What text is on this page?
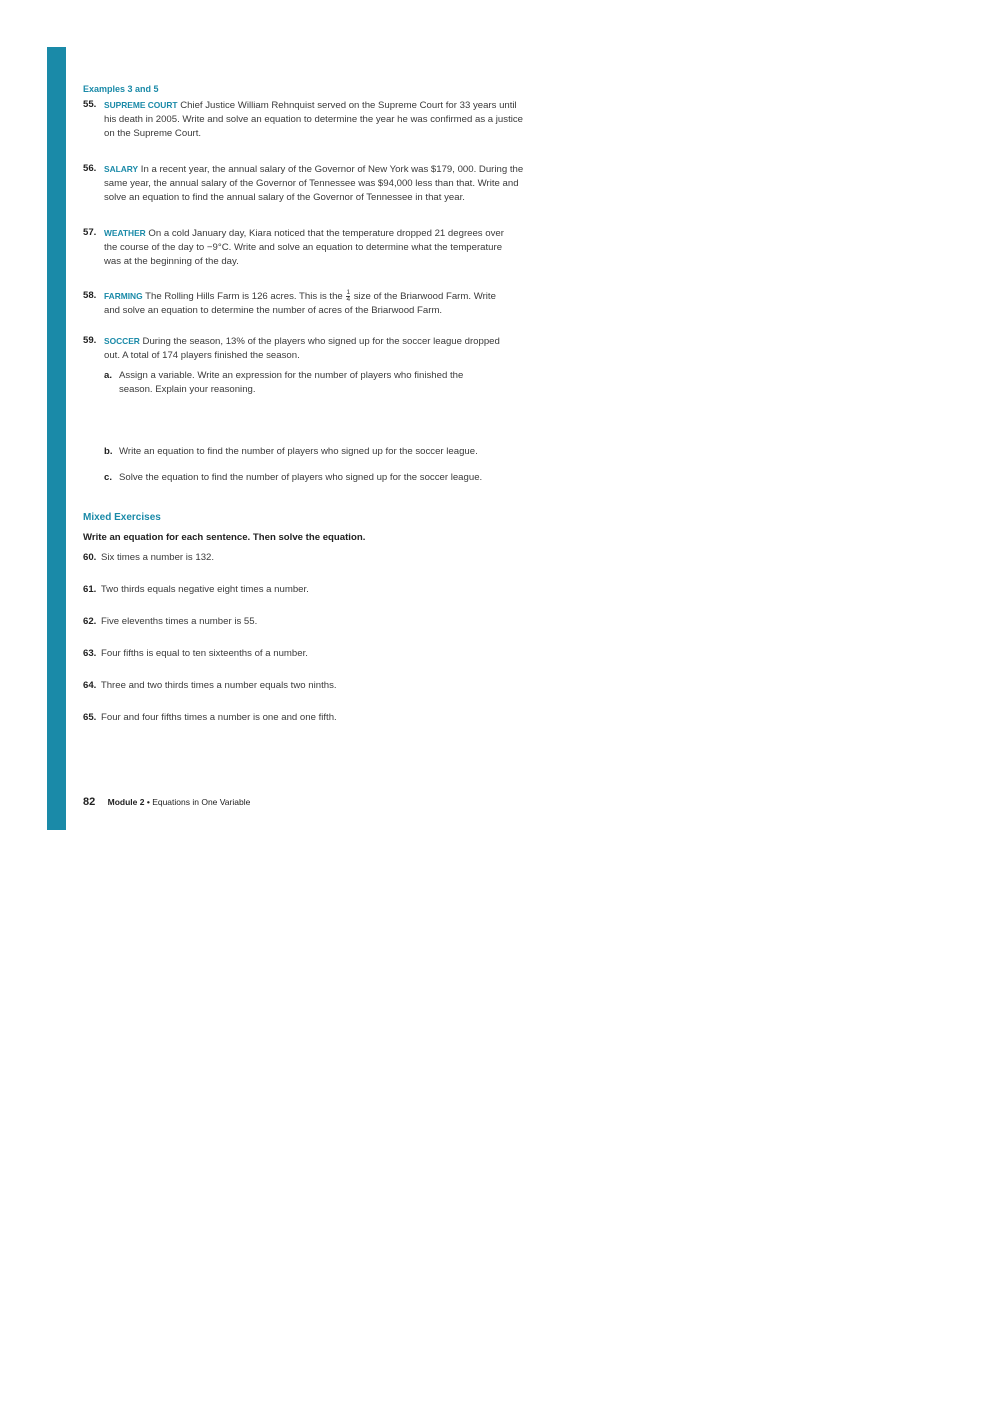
Examples 3 and 5

55. SUPREME COURT Chief Justice William Rehnquist served on the Supreme Court for 33 years until his death in 2005. Write and solve an equation to determine the year he was confirmed as a justice on the Supreme Court.

56. SALARY In a recent year, the annual salary of the Governor of New York was $179, 000. During the same year, the annual salary of the Governor of Tennessee was $94,000 less than that. Write and solve an equation to find the annual salary of the Governor of Tennessee in that year.

57. WEATHER On a cold January day, Kiara noticed that the temperature dropped 21 degrees over the course of the day to −9°C. Write and solve an equation to determine what the temperature was at the beginning of the day.

58. FARMING The Rolling Hills Farm is 126 acres. This is the $\frac{1}{4}$ size of the Briarwood Farm. Write and solve an equation to determine the number of acres of the Briarwood Farm.

59. SOCCER During the season, 13% of the players who signed up for the soccer league dropped out. A total of 174 players finished the season.

a. Assign a variable. Write an expression for the number of players who finished the season. Explain your reasoning.

b. Write an equation to find the number of players who signed up for the soccer league.

c. Solve the equation to find the number of players who signed up for the soccer league.

Mixed Exercises

Write an equation for each sentence. Then solve the equation.

60. Six times a number is 132.

61. Two thirds equals negative eight times a number.

62. Five elevenths times a number is 55.

63. Four fifths is equal to ten sixteenths of a number.

64. Three and two thirds times a number equals two ninths.

65. Four and four fifths times a number is one and one fifth.

82 Module 2 • Equations in One Variable
